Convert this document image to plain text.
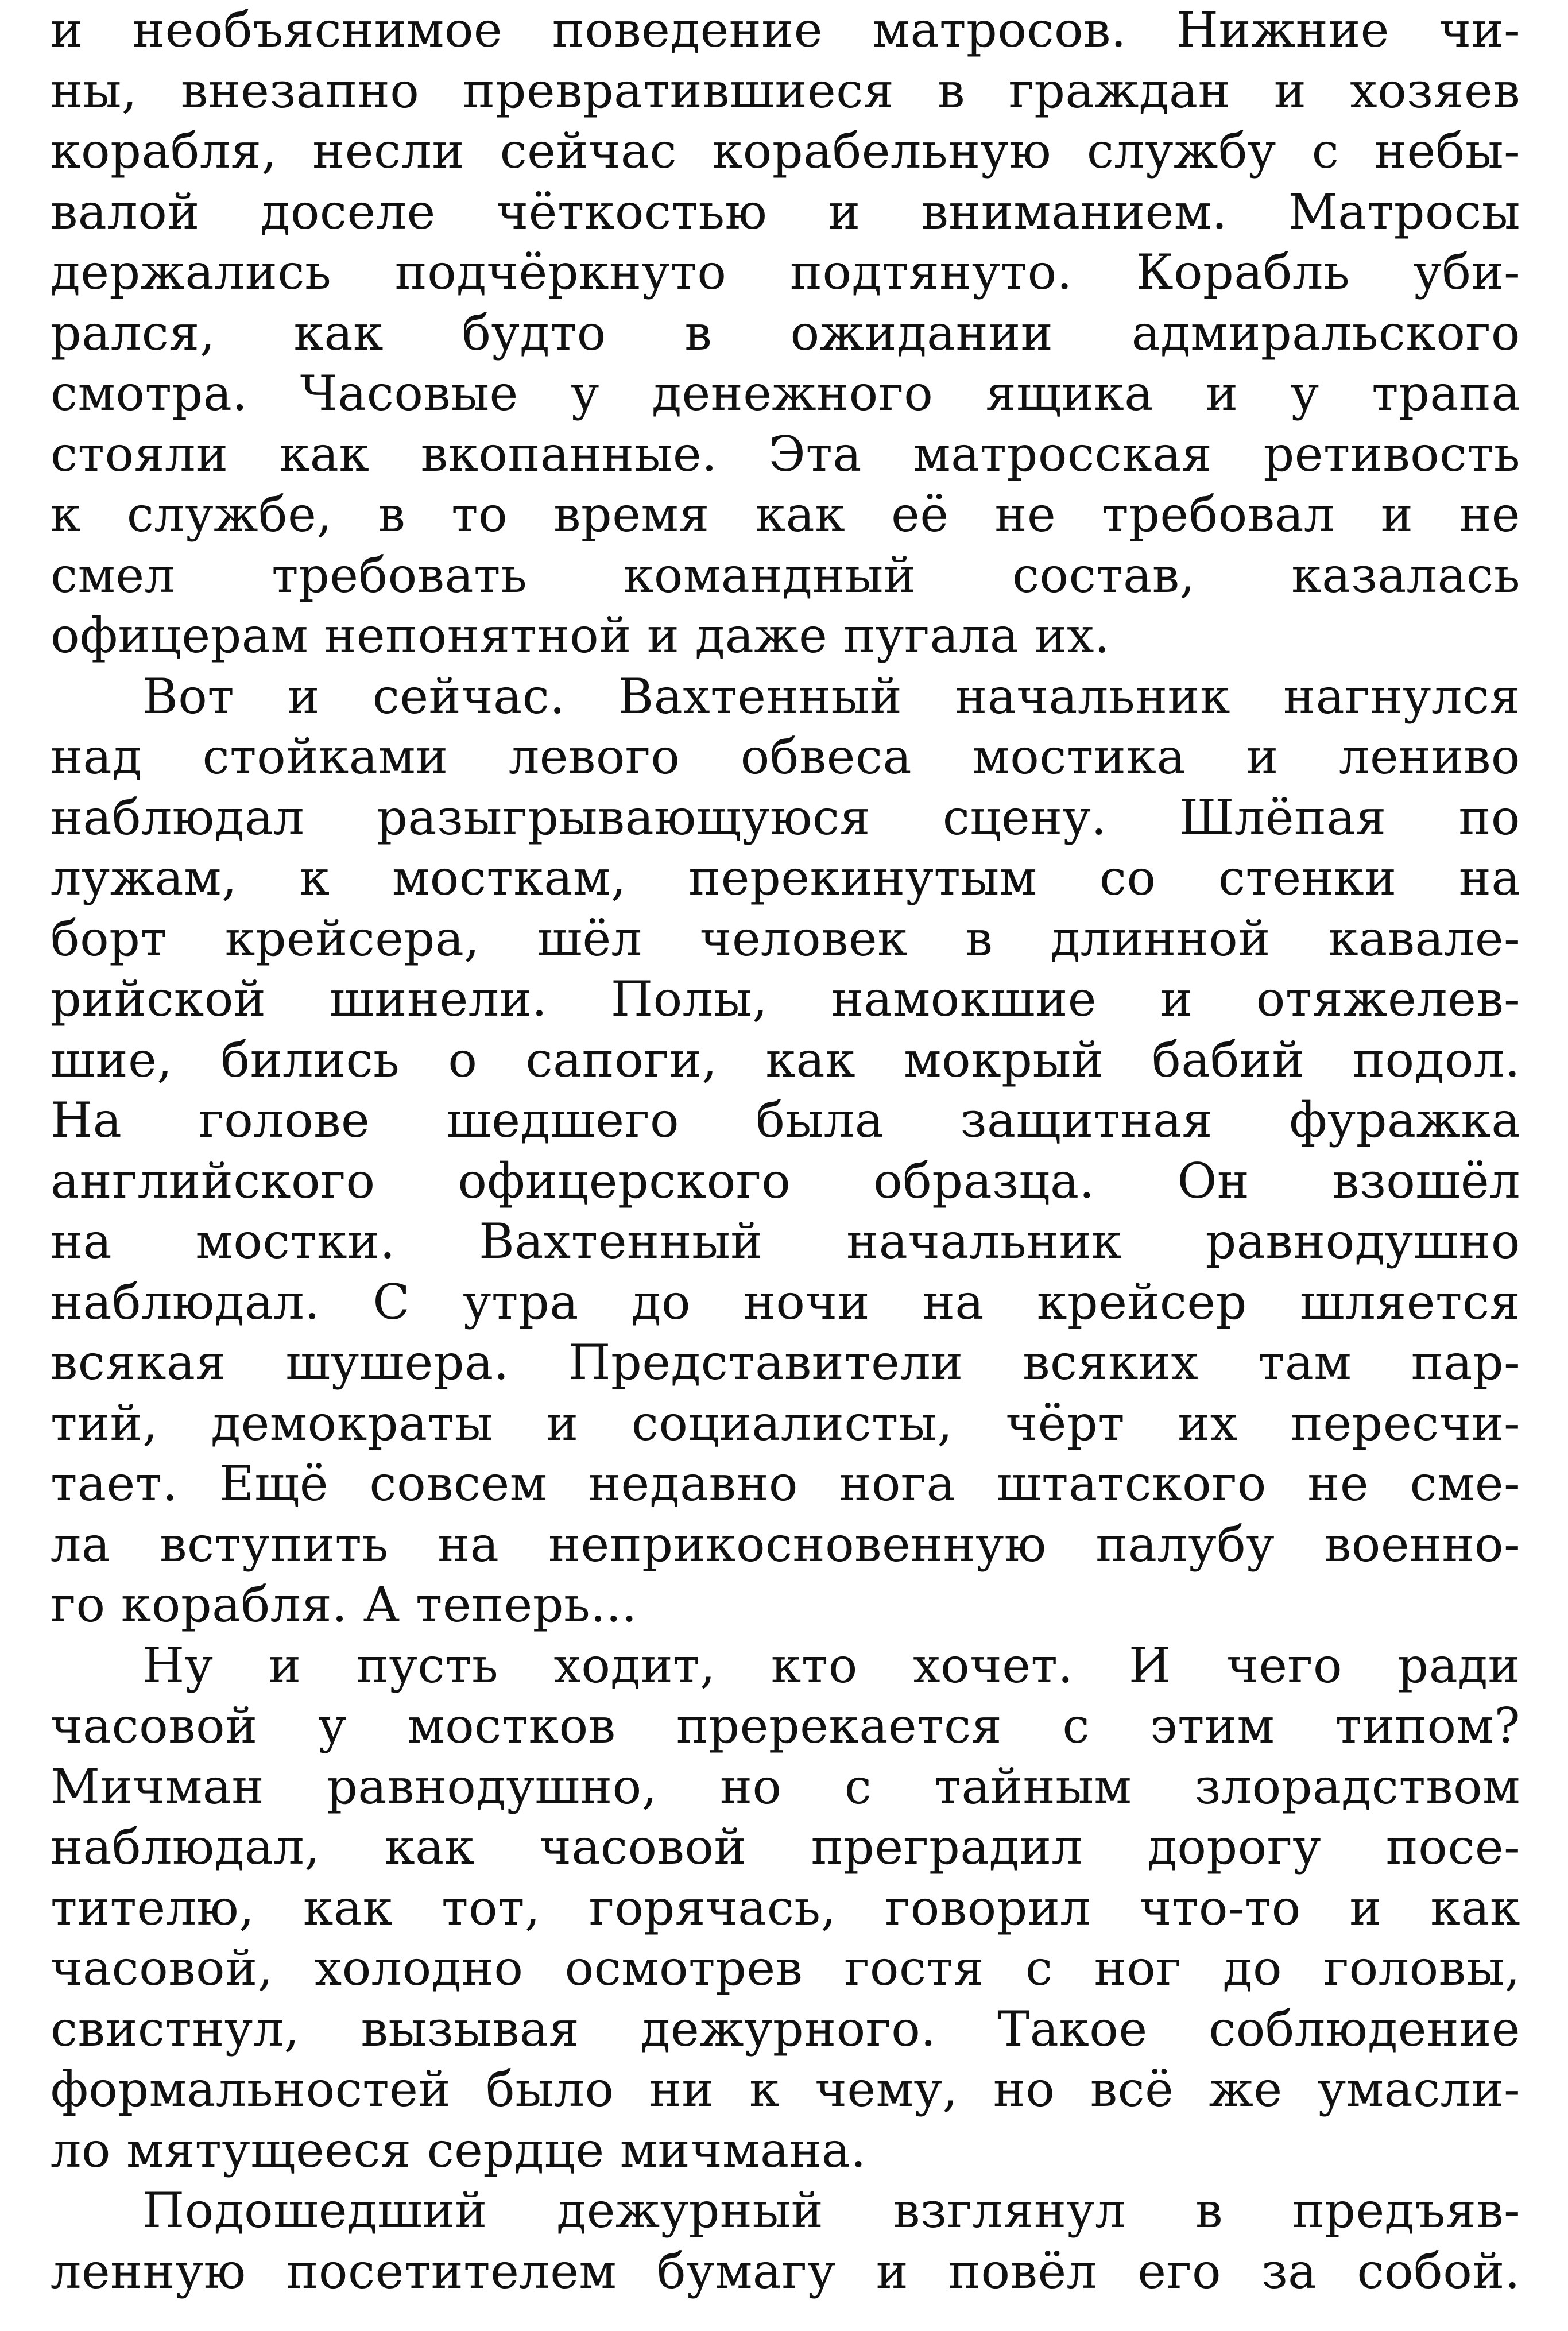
и необъяснимое поведение матросов. Нижние чи-
ны, внезапно превратившиеся в граждан и хозяев
корабля, несли сейчас корабельную службу с небы-
валой доселе чёткостью и вниманием. Матросы
держались подчёркнуто подтянуто. Корабль уби-
рался, как будто в ожидании адмиральского
смотра. Часовые у денежного ящика и у трапа
стояли как вкопанные. Эта матросская ретивость
к службе, в то время как её не требовал и не
смел требовать командный состав, казалась
офицерам непонятной и даже пугала их.
Вот и сейчас. Вахтенный начальник нагнулся
над стойками левого обвеса мостика и лениво
наблюдал разыгрывающуюся сцену. Шлёпая по
лужам, к мосткам, перекинутым со стенки на
борт крейсера, шёл человек в длинной кавале-
рийской шинели. Полы, намокшие и отяжелев-
шие, бились о сапоги, как мокрый бабий подол.
На голове шедшего была защитная фуражка
английского офицерского образца. Он взошёл
на мостки. Вахтенный начальник равнодушно
наблюдал. С утра до ночи на крейсер шляется
всякая шушера. Представители всяких там пар-
тий, демократы и социалисты, чёрт их пересчи-
тает. Ещё совсем недавно нога штатского не сме-
ла вступить на неприкосновенную палубу военно-
го корабля. А теперь...
Ну и пусть ходит, кто хочет. И чего ради
часовой у мостков пререкается с этим типом?
Мичман равнодушно, но с тайным злорадством
наблюдал, как часовой преградил дорогу посе-
тителю, как тот, горячась, говорил что-то и как
часовой, холодно осмотрев гостя с ног до головы,
свистнул, вызывая дежурного. Такое соблюдение
формальностей было ни к чему, но всё же умасли-
ло мятущееся сердце мичмана.
Подошедший дежурный взглянул в предъяв-
ленную посетителем бумагу и повёл его за собой.
